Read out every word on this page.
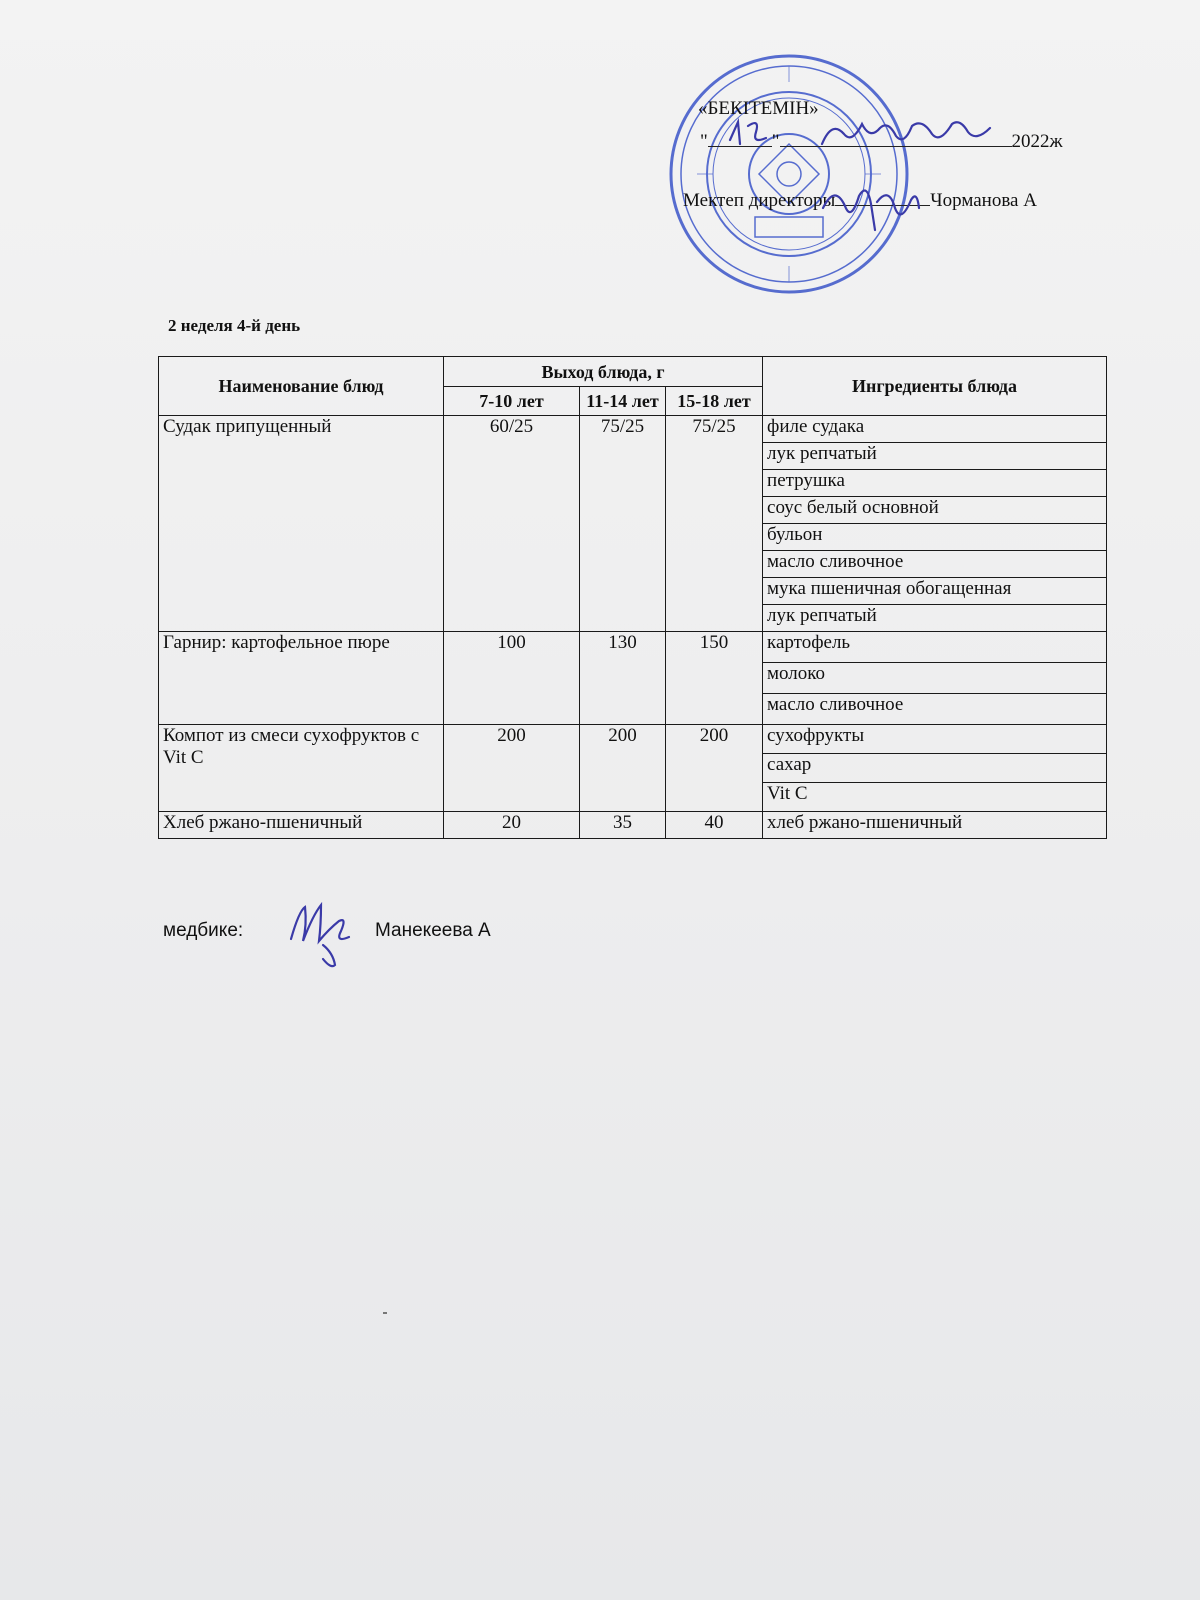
«БЕКІТЕМІН»
"	"	2022ж
Мектеп директоры	Чорманова А
2 неделя 4-й день
Наименование блюд	Выход блюда, г			Ингредиенты блюда
	7-10 лет	11-14 лет	15-18 лет	
Судак припущенный	60/25	75/25	75/25	филе судака
				лук репчатый
				петрушка
				соус белый основной
				бульон
				масло сливочное
				мука пшеничная обогащенная
				лук репчатый
Гарнир: картофельное пюре	100	130	150	картофель
				молоко
				масло сливочное
Компот из смеси сухофруктов с Vit C	200	200	200	сухофрукты
				сахар
				Vit C
Хлеб ржано-пшеничный	20	35	40	хлеб ржано-пшеничный
медбике:	Манекеева А
